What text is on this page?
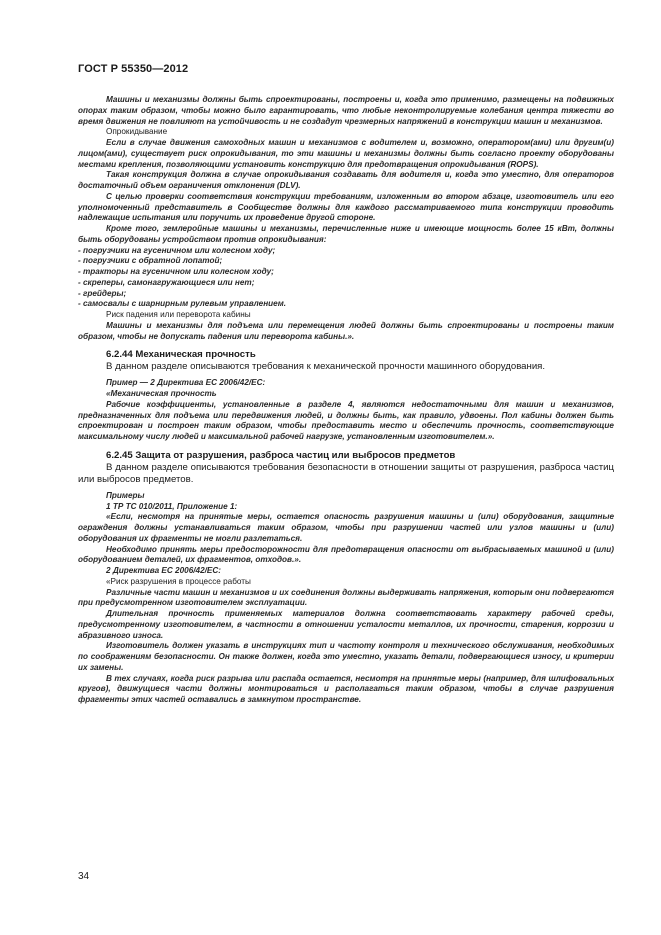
ГОСТ Р 55350—2012

Машины и механизмы должны быть спроектированы, построены и, когда это применимо, размещены на подвижных опорах таким образом, чтобы можно было гарантировать, что любые неконтролируемые колебания центра тяжести во время движения не повлияют на устойчивость и не создадут чрезмерных напряжений в конструкции машин и механизмов.

Опрокидывание

Если в случае движения самоходных машин и механизмов с водителем и, возможно, оператором(ами) или другим(и) лицом(ами), существует риск опрокидывания, то эти машины и механизмы должны быть согласно проекту оборудованы местами крепления, позволяющими установить конструкцию для предотвращения опрокидывания (ROPS).

Такая конструкция должна в случае опрокидывания создавать для водителя и, когда это уместно, для операторов достаточный объем ограничения отклонения (DLV).

С целью проверки соответствия конструкции требованиям, изложенным во втором абзаце, изготовитель или его уполномоченный представитель в Сообществе должны для каждого рассматриваемого типа конструкции проводить надлежащие испытания или поручить их проведение другой стороне.

Кроме того, землеройные машины и механизмы, перечисленные ниже и имеющие мощность более 15 кВт, должны быть оборудованы устройством против опрокидывания:

- погрузчики на гусеничном или колесном ходу;

- погрузчики с обратной лопатой;

- тракторы на гусеничном или колесном ходу;

- скреперы, самонагружающиеся или нет;

- грейдеры;

- самосвалы с шарнирным рулевым управлением.

Риск падения или переворота кабины

Машины и механизмы для подъема или перемещения людей должны быть спроектированы и построены таким образом, чтобы не допускать падения или переворота кабины.».

6.2.44 Механическая прочность

В данном разделе описываются требования к механической прочности машинного оборудования.

Пример — 2 Директива ЕС 2006/42/EC:

«Механическая прочность

Рабочие коэффициенты, установленные в разделе 4, являются недостаточными для машин и механизмов, предназначенных для подъема или передвижения людей, и должны быть, как правило, удвоены. Пол кабины должен быть спроектирован и построен таким образом, чтобы предоставить место и обеспечить прочность, соответствующие максимальному числу людей и максимальной рабочей нагрузке, установленным изготовителем.».

6.2.45 Защита от разрушения, разброса частиц или выбросов предметов

В данном разделе описываются требования безопасности в отношении защиты от разрушения, разброса частиц или выбросов предметов.

Примеры

1 ТР ТС 010/2011, Приложение 1:

«Если, несмотря на принятые меры, остается опасность разрушения машины и (или) оборудования, защитные ограждения должны устанавливаться таким образом, чтобы при разрушении частей или узлов машины и (или) оборудования их фрагменты не могли разлетаться.

Необходимо принять меры предосторожности для предотвращения опасности от выбрасываемых машиной и (или) оборудованием деталей, их фрагментов, отходов.».

2 Директива ЕС 2006/42/EC:

«Риск разрушения в процессе работы

Различные части машин и механизмов и их соединения должны выдерживать напряжения, которым они подвергаются при предусмотренном изготовителем эксплуатации.

Длительная прочность применяемых материалов должна соответствовать характеру рабочей среды, предусмотренному изготовителем, в частности в отношении усталости металлов, их прочности, старения, коррозии и абразивного износа.

Изготовитель должен указать в инструкциях тип и частоту контроля и технического обслуживания, необходимых по соображениям безопасности. Он также должен, когда это уместно, указать детали, подвергающиеся износу, и критерии их замены.

В тех случаях, когда риск разрыва или распада остается, несмотря на принятые меры (например, для шлифовальных кругов), движущиеся части должны монтироваться и располагаться таким образом, чтобы в случае разрушения фрагменты этих частей оставались в замкнутом пространстве.

34
